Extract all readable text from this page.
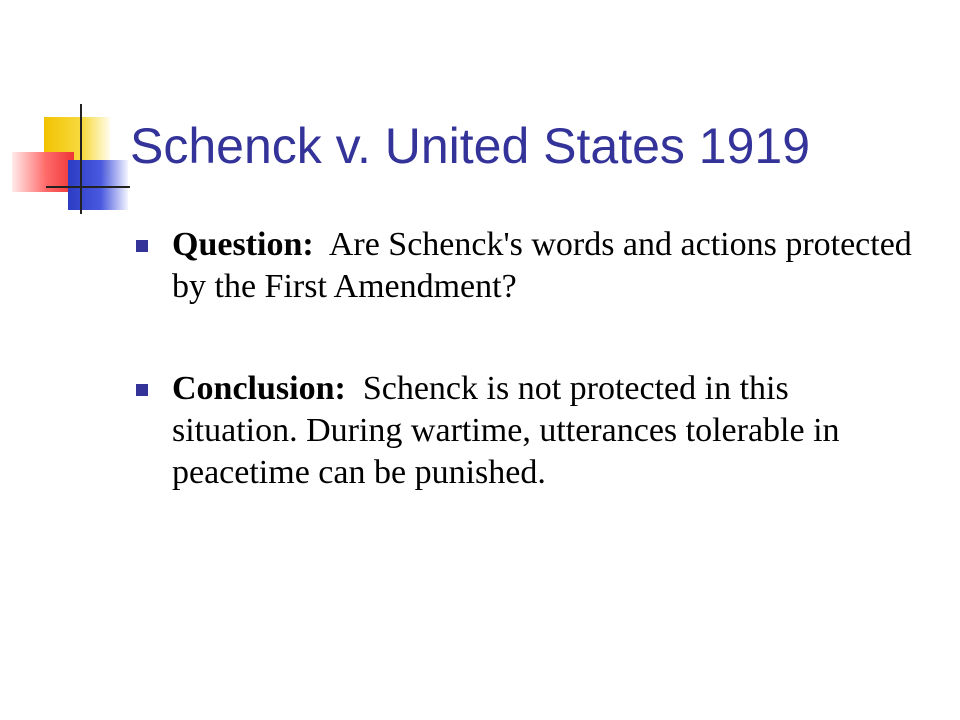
Schenck v. United States 1919
Question: Are Schenck's words and actions protected by the First Amendment?
Conclusion: Schenck is not protected in this situation. During wartime, utterances tolerable in peacetime can be punished.
